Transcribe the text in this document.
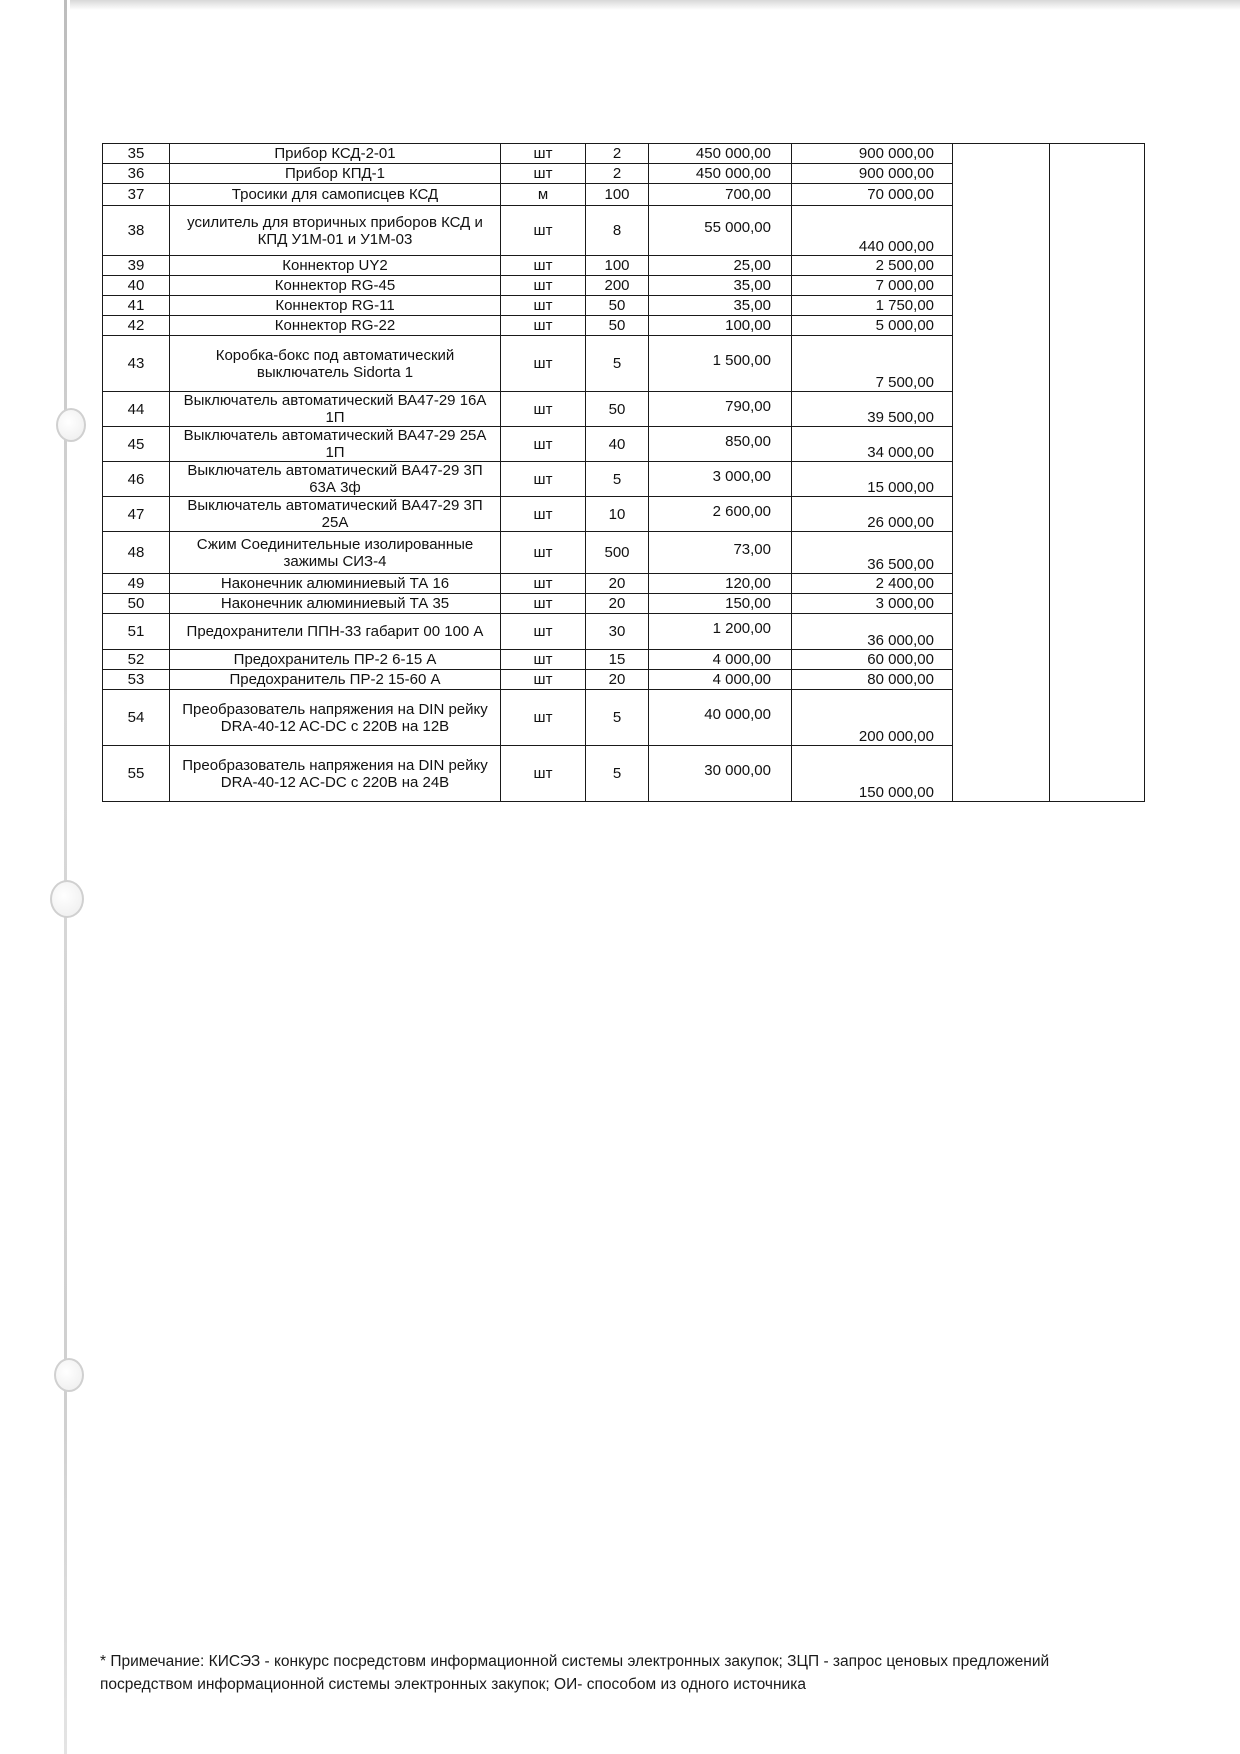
35	Прибор КСД-2-01	шт	2	450 000,00	900 000,00		
36	Прибор КПД-1	шт	2	450 000,00	900 000,00		
37	Тросики для самописцев КСД	м	100	700,00	70 000,00		
38	усилитель для вторичных приборов КСД и КПД У1М-01 и У1М-03	шт	8	55 000,00	440 000,00		
39	Коннектор UY2	шт	100	25,00	2 500,00		
40	Коннектор RG-45	шт	200	35,00	7 000,00		
41	Коннектор RG-11	шт	50	35,00	1 750,00		
42	Коннектор RG-22	шт	50	100,00	5 000,00		
43	Коробка-бокс под автоматический выключатель Sidorta 1	шт	5	1 500,00	7 500,00		
44	Выключатель автоматический ВА47-29 16А 1П	шт	50	790,00	39 500,00		
45	Выключатель автоматический ВА47-29 25А 1П	шт	40	850,00	34 000,00		
46	Выключатель автоматический ВА47-29 3П 63А 3ф	шт	5	3 000,00	15 000,00		
47	Выключатель автоматический ВА47-29 3П 25А	шт	10	2 600,00	26 000,00		
48	Сжим Соединительные изолированные зажимы СИЗ-4	шт	500	73,00	36 500,00		
49	Наконечник алюминиевый ТА 16	шт	20	120,00	2 400,00		
50	Наконечник алюминиевый ТА 35	шт	20	150,00	3 000,00		
51	Предохранители ППН-33 габарит 00 100 А	шт	30	1 200,00	36 000,00		
52	Предохранитель ПР-2 6-15 А	шт	15	4 000,00	60 000,00		
53	Предохранитель ПР-2 15-60 А	шт	20	4 000,00	80 000,00		
54	Преобразователь напряжения на DIN рейку DRA-40-12 AC-DC с 220В на 12В	шт	5	40 000,00	200 000,00		
55	Преобразователь напряжения на DIN рейку DRA-40-12 AC-DC с 220В на 24В	шт	5	30 000,00	150 000,00		
* Примечание: КИСЭЗ - конкурс посредстовм информационной системы электронных закупок; ЗЦП - запрос ценовых предложений посредством информационной системы электронных закупок; ОИ- способом из одного источника
